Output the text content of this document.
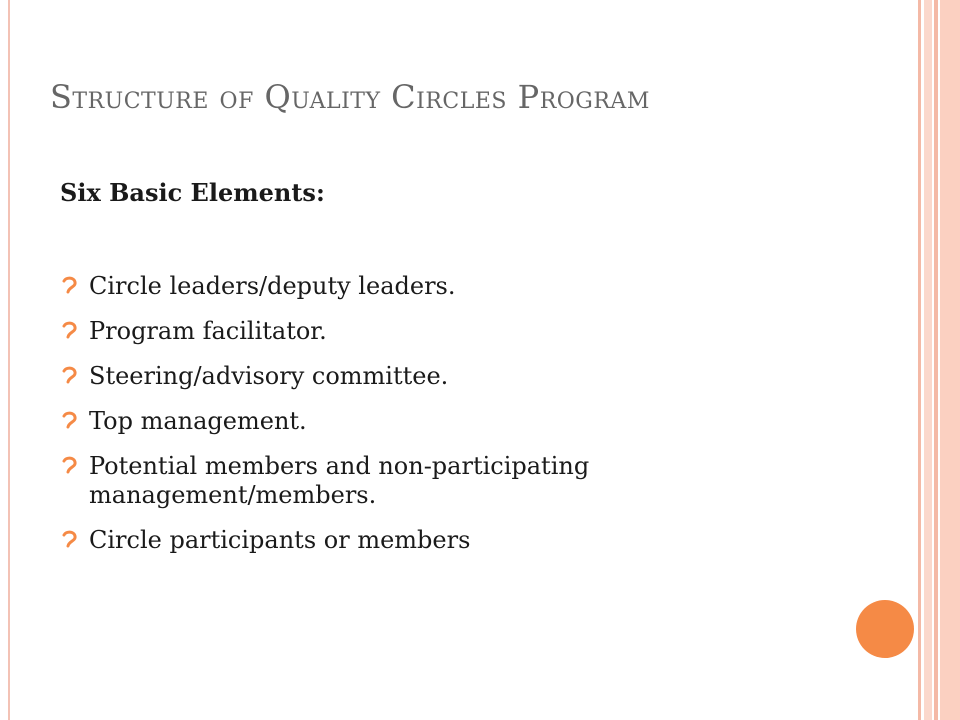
Structure of Quality Circles Program
Six Basic Elements:
Circle leaders/deputy leaders.
Program facilitator.
Steering/advisory committee.
Top management.
Potential members and non-participating management/members.
Circle participants or members
